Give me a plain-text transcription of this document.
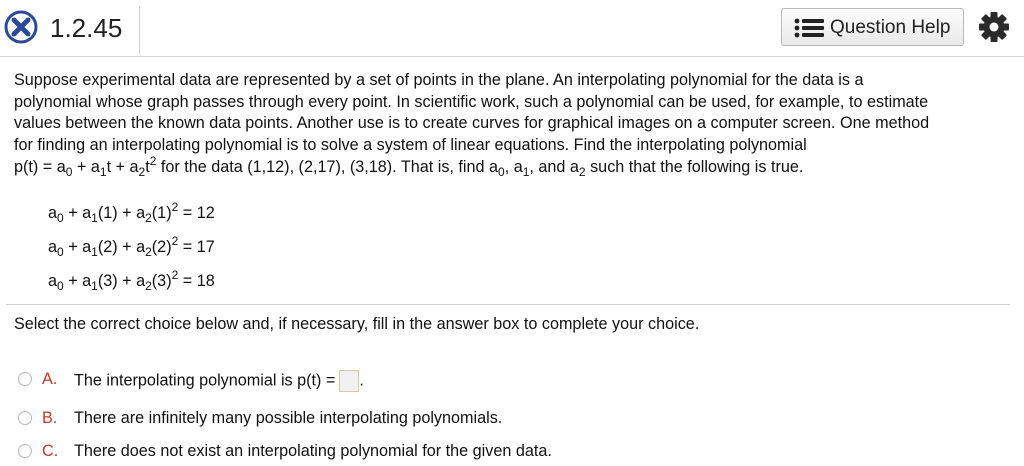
1.2.45	Question Help
Suppose experimental data are represented by a set of points in the plane. An interpolating polynomial for the data is a
polynomial whose graph passes through every point. In scientific work, such a polynomial can be used, for example, to estimate
values between the known data points. Another use is to create curves for graphical images on a computer screen. One method
for finding an interpolating polynomial is to solve a system of linear equations. Find the interpolating polynomial
$p(t) = a_0 + a_1t + a_2t^2$ for the data (1,12), (2,17), (3,18). That is, find $a_0$, $a_1$, and $a_2$ such that the following is true.
$a_0 + a_1(1) + a_2(1)^2 = 12$
$a_0 + a_1(2) + a_2(2)^2 = 17$
$a_0 + a_1(3) + a_2(3)^2 = 18$
Select the correct choice below and, if necessary, fill in the answer box to complete your choice.
A. The interpolating polynomial is p(t) = .
B. There are infinitely many possible interpolating polynomials.
C. There does not exist an interpolating polynomial for the given data.
